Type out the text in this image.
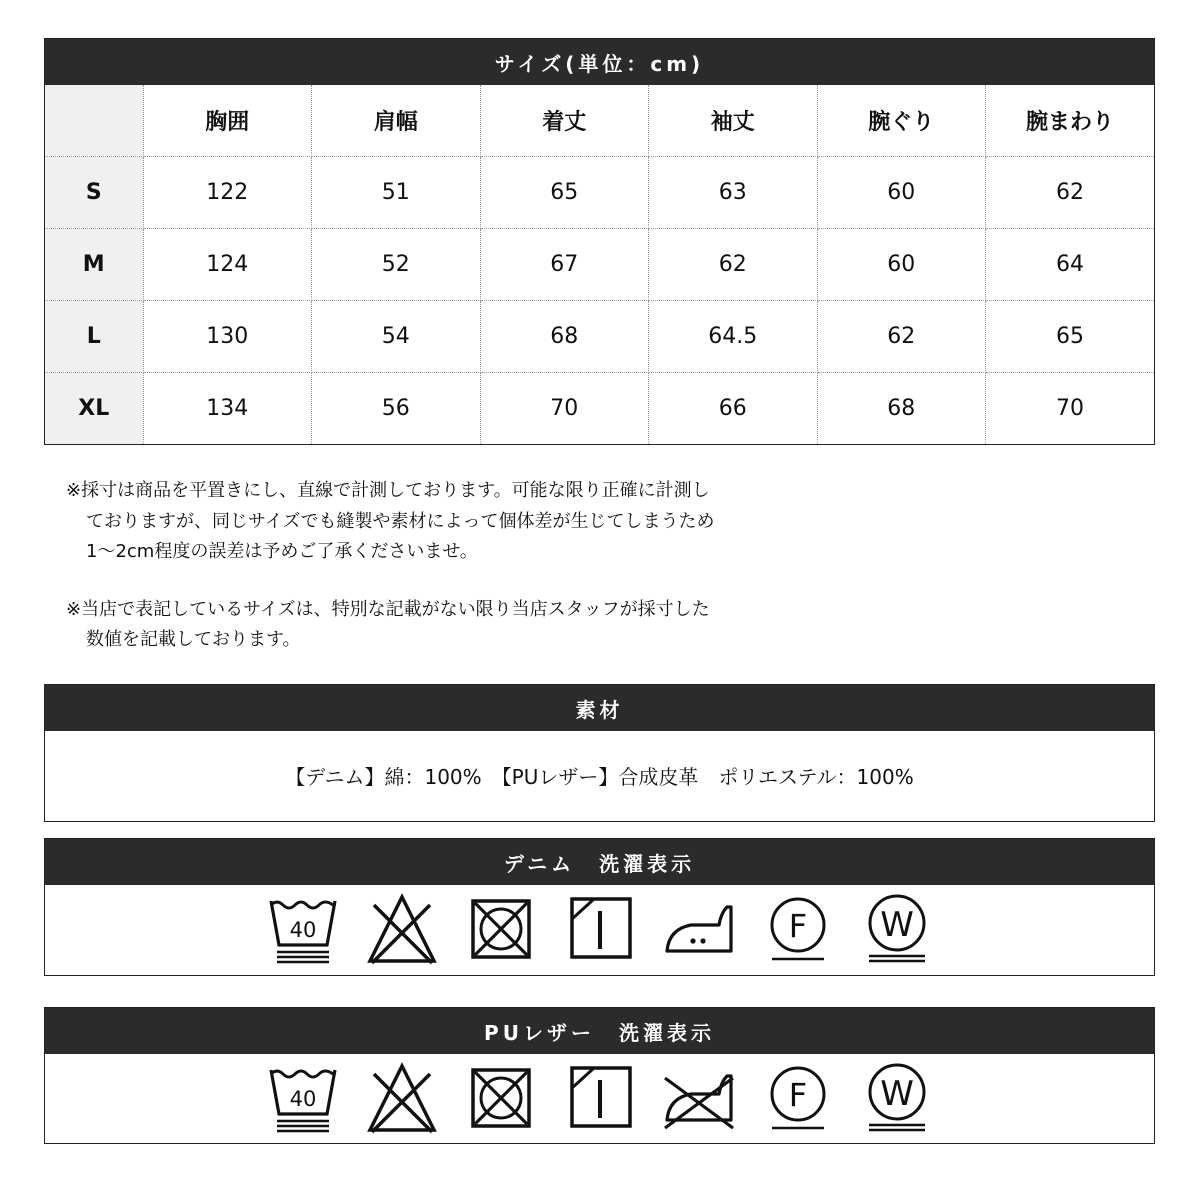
サイズ(単位：cm)
	胸囲	肩幅	着丈	袖丈	腕ぐり	腕まわり
S	122	51	65	63	60	62
M	124	52	67	62	60	64
L	130	54	68	64.5	62	65
XL	134	56	70	66	68	70

※採寸は商品を平置きにし、直線で計測しております。可能な限り正確に計測し

ておりますが、同じサイズでも縫製や素材によって個体差が生じてしまうため

1〜2cm程度の誤差は予めご了承くださいませ。

※当店で表記しているサイズは、特別な記載がない限り当店スタッフが採寸した

数値を記載しております。

素材
【デニム】綿：100%　【PUレザー】合成皮革　ポリエステル：100%
デニム　洗濯表示
40	F W
PUレザー　洗濯表示
40	F W
